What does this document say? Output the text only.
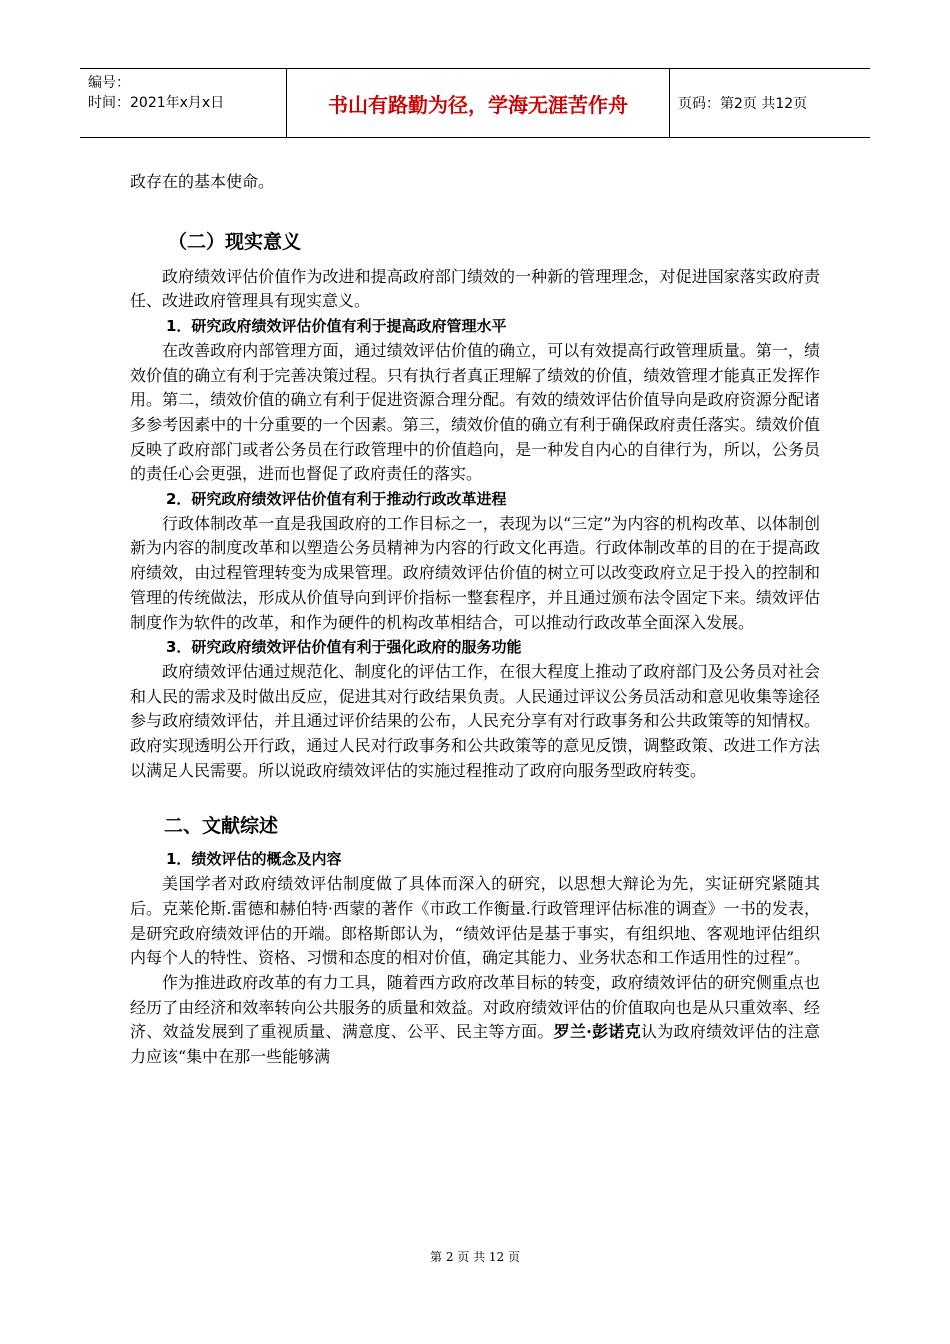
编号：
时间：2021年x月x日	书山有路勤为径，学海无涯苦作舟	页码：第2页 共12页

政存在的基本使命。

（二）现实意义

政府绩效评估价值作为改进和提高政府部门绩效的一种新的管理理念，对促进国家落实政府责任、改进政府管理具有现实意义。

1．研究政府绩效评估价值有利于提高政府管理水平

在改善政府内部管理方面，通过绩效评估价值的确立，可以有效提高行政管理质量。第一，绩效价值的确立有利于完善决策过程。只有执行者真正理解了绩效的价值，绩效管理才能真正发挥作用。第二，绩效价值的确立有利于促进资源合理分配。有效的绩效评估价值导向是政府资源分配诸多参考因素中的十分重要的一个因素。第三，绩效价值的确立有利于确保政府责任落实。绩效价值反映了政府部门或者公务员在行政管理中的价值趋向，是一种发自内心的自律行为，所以，公务员的责任心会更强，进而也督促了政府责任的落实。

2．研究政府绩效评估价值有利于推动行政改革进程

行政体制改革一直是我国政府的工作目标之一，表现为以“三定”为内容的机构改革、以体制创新为内容的制度改革和以塑造公务员精神为内容的行政文化再造。行政体制改革的目的在于提高政府绩效，由过程管理转变为成果管理。政府绩效评估价值的树立可以改变政府立足于投入的控制和管理的传统做法，形成从价值导向到评价指标一整套程序，并且通过颁布法令固定下来。绩效评估制度作为软件的改革，和作为硬件的机构改革相结合，可以推动行政改革全面深入发展。

3．研究政府绩效评估价值有利于强化政府的服务功能

政府绩效评估通过规范化、制度化的评估工作，在很大程度上推动了政府部门及公务员对社会和人民的需求及时做出反应，促进其对行政结果负责。人民通过评议公务员活动和意见收集等途径参与政府绩效评估，并且通过评价结果的公布，人民充分享有对行政事务和公共政策等的知情权。政府实现透明公开行政，通过人民对行政事务和公共政策等的意见反馈，调整政策、改进工作方法以满足人民需要。所以说政府绩效评估的实施过程推动了政府向服务型政府转变。

二、文献综述
1．绩效评估的概念及内容

美国学者对政府绩效评估制度做了具体而深入的研究，以思想大辩论为先，实证研究紧随其后。克莱伦斯.雷德和赫伯特·西蒙的著作《市政工作衡量.行政管理评估标准的调查》一书的发表，是研究政府绩效评估的开端。郎格斯郎认为，“绩效评估是基于事实，有组织地、客观地评估组织内每个人的特性、资格、习惯和态度的相对价值，确定其能力、业务状态和工作适用性的过程”。

作为推进政府改革的有力工具，随着西方政府改革目标的转变，政府绩效评估的研究侧重点也经历了由经济和效率转向公共服务的质量和效益。对政府绩效评估的价值取向也是从只重效率、经济、效益发展到了重视质量、满意度、公平、民主等方面。罗兰·彭诺克认为政府绩效评估的注意力应该“集中在那一些能够满

第 2 页 共 12 页
